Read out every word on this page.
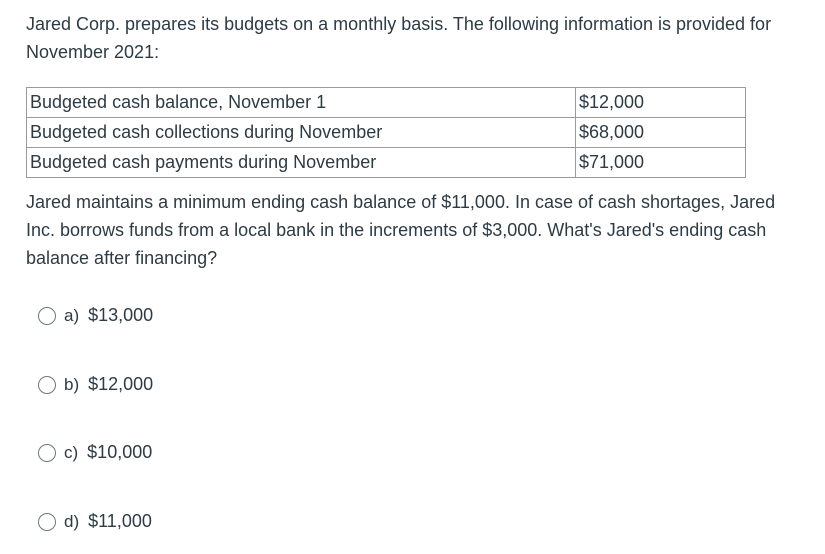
Jared Corp. prepares its budgets on a monthly basis. The following information is provided for November 2021:

Budgeted cash balance, November 1	$12,000
Budgeted cash collections during November	$68,000
Budgeted cash payments during November	$71,000

Jared maintains a minimum ending cash balance of $11,000. In case of cash shortages, Jared Inc. borrows funds from a local bank in the increments of $3,000. What's Jared's ending cash balance after financing?

a) $13,000
b) $12,000
c) $10,000
d) $11,000
